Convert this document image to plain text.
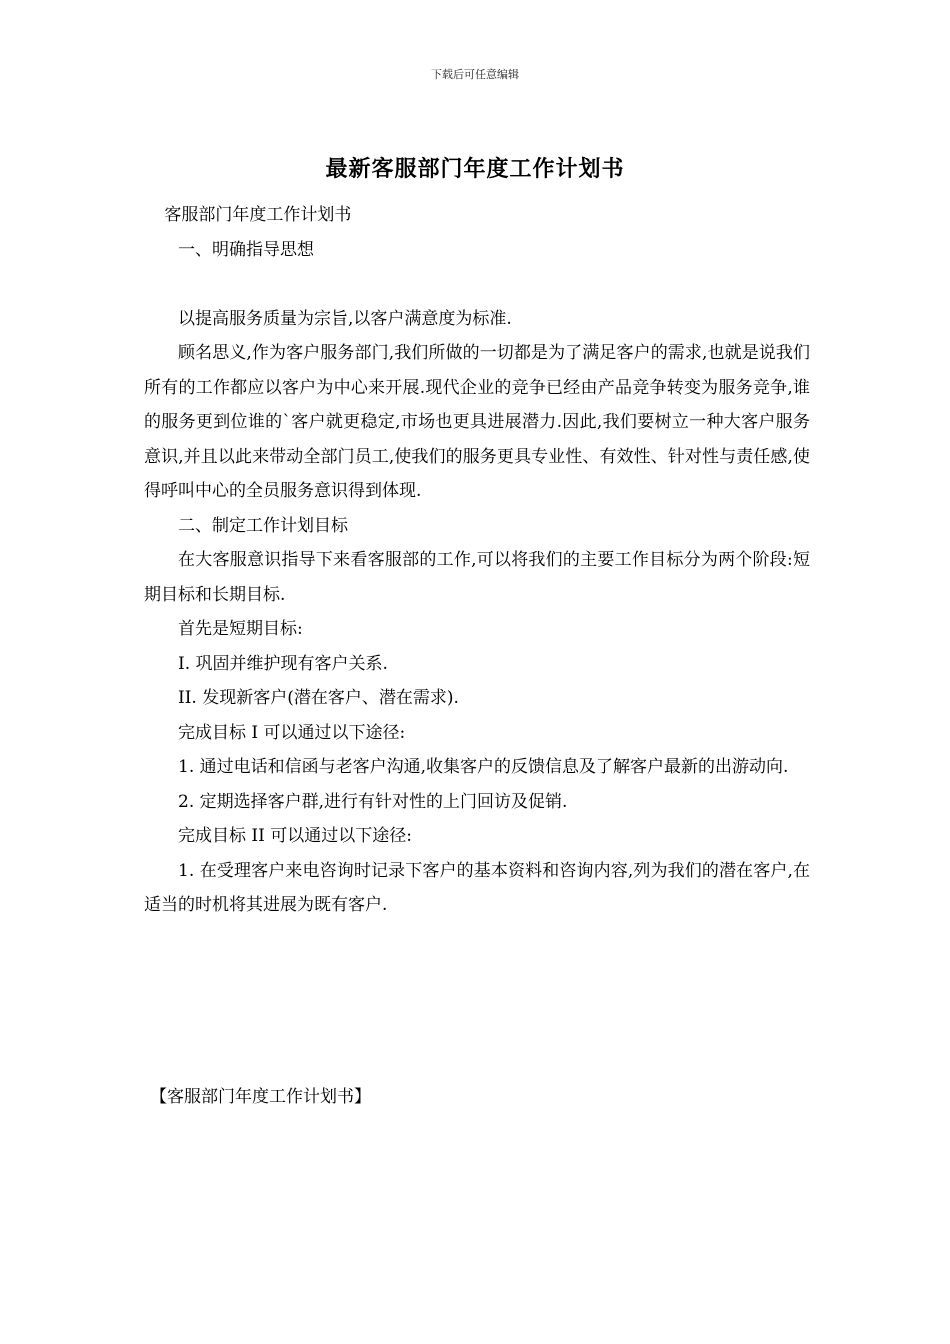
下载后可任意编辑
最新客服部门年度工作计划书

客服部门年度工作计划书

一、明确指导思想

以提高服务质量为宗旨,以客户满意度为标准.

顾名思义,作为客户服务部门,我们所做的一切都是为了满足客户的需求,也就是说我们所有的工作都应以客户为中心来开展.现代企业的竞争已经由产品竞争转变为服务竞争,谁的服务更到位谁的`客户就更稳定,市场也更具进展潜力.因此,我们要树立一种大客户服务意识,并且以此来带动全部门员工,使我们的服务更具专业性、有效性、针对性与责任感,使得呼叫中心的全员服务意识得到体现.

二、制定工作计划目标

在大客服意识指导下来看客服部的工作,可以将我们的主要工作目标分为两个阶段:短期目标和长期目标.

首先是短期目标:

I. 巩固并维护现有客户关系.

II. 发现新客户(潜在客户、潜在需求).

完成目标 I 可以通过以下途径:

1. 通过电话和信函与老客户沟通,收集客户的反馈信息及了解客户最新的出游动向.

2. 定期选择客户群,进行有针对性的上门回访及促销.

完成目标 II 可以通过以下途径:

1. 在受理客户来电咨询时记录下客户的基本资料和咨询内容,列为我们的潜在客户,在适当的时机将其进展为既有客户.

【客服部门年度工作计划书】
